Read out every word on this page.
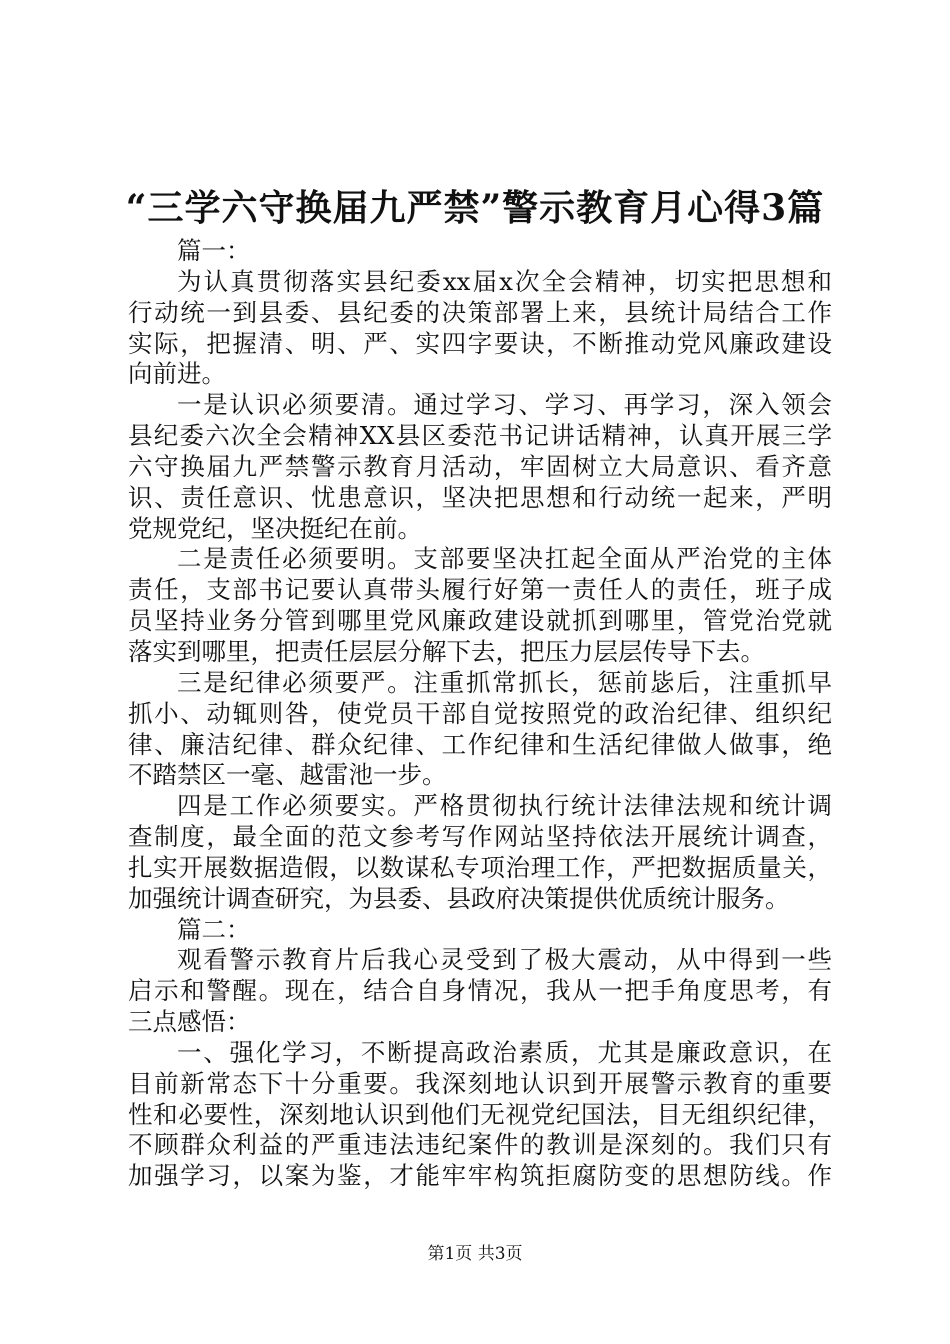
“三学六守换届九严禁”警示教育月心得3篇
篇一：
为认真贯彻落实县纪委xx届x次全会精神，切实把思想和
行动统一到县委、县纪委的决策部署上来，县统计局结合工作
实际，把握清、明、严、实四字要诀，不断推动党风廉政建设
向前进。
一是认识必须要清。通过学习、学习、再学习，深入领会
县纪委六次全会精神XX县区委范书记讲话精神，认真开展三学
六守换届九严禁警示教育月活动，牢固树立大局意识、看齐意
识、责任意识、忧患意识，坚决把思想和行动统一起来，严明
党规党纪，坚决挺纪在前。
二是责任必须要明。支部要坚决扛起全面从严治党的主体
责任，支部书记要认真带头履行好第一责任人的责任，班子成
员坚持业务分管到哪里党风廉政建设就抓到哪里，管党治党就
落实到哪里，把责任层层分解下去，把压力层层传导下去。
三是纪律必须要严。注重抓常抓长，惩前毖后，注重抓早
抓小、动辄则咎，使党员干部自觉按照党的政治纪律、组织纪
律、廉洁纪律、群众纪律、工作纪律和生活纪律做人做事，绝
不踏禁区一毫、越雷池一步。
四是工作必须要实。严格贯彻执行统计法律法规和统计调
查制度，最全面的范文参考写作网站坚持依法开展统计调查，
扎实开展数据造假，以数谋私专项治理工作，严把数据质量关，
加强统计调查研究，为县委、县政府决策提供优质统计服务。
篇二：
观看警示教育片后我心灵受到了极大震动，从中得到一些
启示和警醒。现在，结合自身情况，我从一把手角度思考，有
三点感悟：
一、强化学习，不断提高政治素质，尤其是廉政意识，在
目前新常态下十分重要。我深刻地认识到开展警示教育的重要
性和必要性，深刻地认识到他们无视党纪国法，目无组织纪律，
不顾群众利益的严重违法违纪案件的教训是深刻的。我们只有
加强学习，以案为鉴，才能牢牢构筑拒腐防变的思想防线。作
第1页 共3页
